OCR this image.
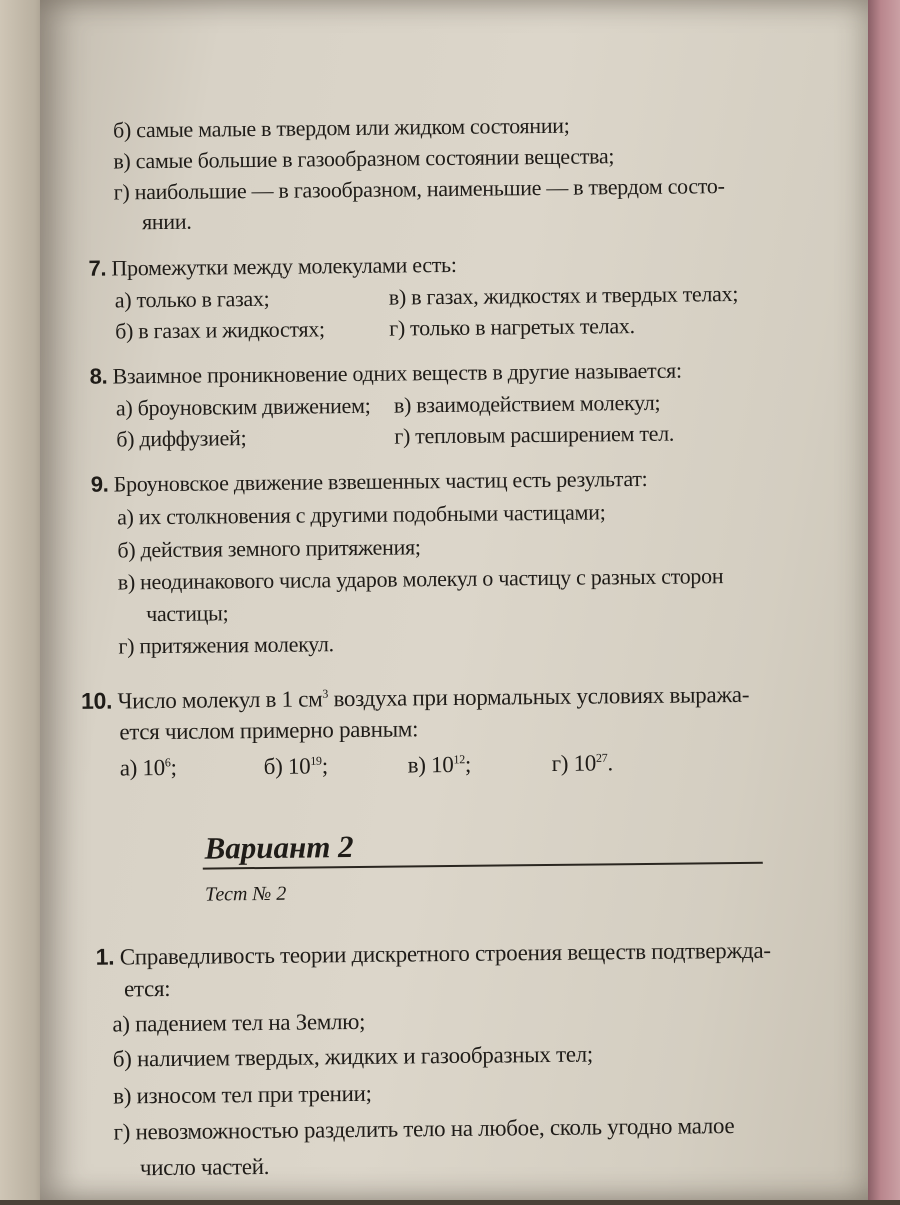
б) самые малые в твердом или жидком состоянии;
в) самые большие в газообразном состоянии вещества;
г) наибольшие — в газообразном, наименьшие — в твердом состо-
янии.
7. Промежутки между молекулами есть:
а) только в газах;	в) в газах, жидкостях и твердых телах;
б) в газах и жидкостях;	г) только в нагретых телах.
8. Взаимное проникновение одних веществ в другие называется:
а) броуновским движением; в) взаимодействием молекул;
б) диффузией;	г) тепловым расширением тел.
9. Броуновское движение взвешенных частиц есть результат:
а) их столкновения с другими подобными частицами;
б) действия земного притяжения;
в) неодинакового числа ударов молекул о частицу с разных сторон
частицы;
г) притяжения молекул.
10. Число молекул в 1 $см^3$ воздуха при нормальных условиях выража-
ется числом примерно равным:
а) $10^6$;	б) $10^{19}$;	в) $10^{12}$;	г) $10^{27}$.
Вариант 2
Тест № 2
1. Справедливость теории дискретного строения веществ подтвержда-
ется:
а) падением тел на Землю;
б) наличием твердых, жидких и газообразных тел;
в) износом тел при трении;
г) невозможностью разделить тело на любое, сколь угодно малое
число частей.
